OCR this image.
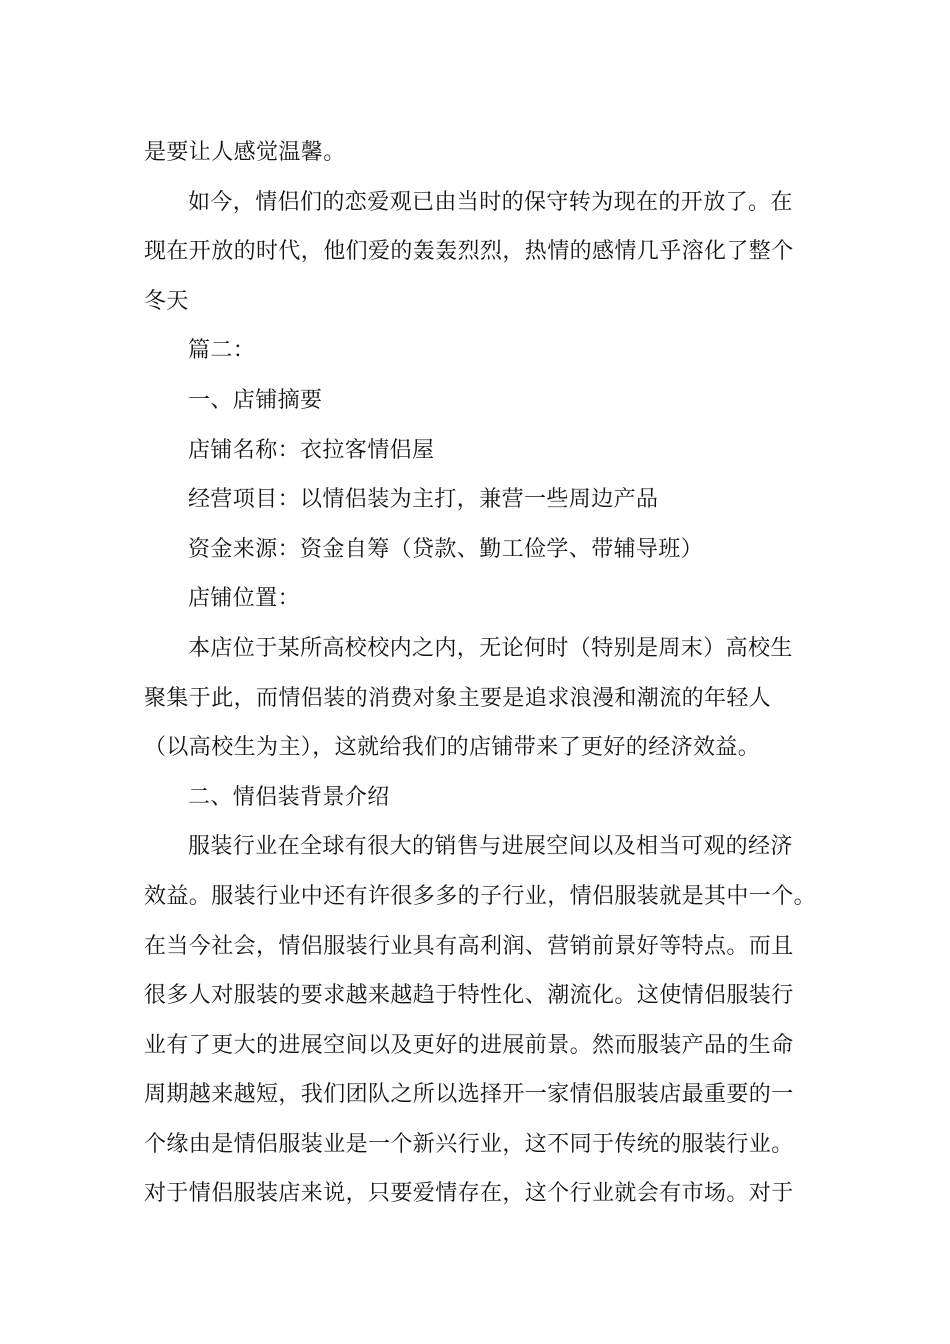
是要让人感觉温馨。
如今，情侣们的恋爱观已由当时的保守转为现在的开放了。在
现在开放的时代，他们爱的轰轰烈烈，热情的感情几乎溶化了整个
冬天
篇二：
一、店铺摘要
店铺名称：衣拉客情侣屋
经营项目：以情侣装为主打，兼营一些周边产品
资金来源：资金自筹（贷款、勤工俭学、带辅导班）
店铺位置：
本店位于某所高校校内之内，无论何时（特别是周末）高校生
聚集于此，而情侣装的消费对象主要是追求浪漫和潮流的年轻人
（以高校生为主），这就给我们的店铺带来了更好的经济效益。
二、情侣装背景介绍
服装行业在全球有很大的销售与进展空间以及相当可观的经济
效益。服装行业中还有许很多多的子行业，情侣服装就是其中一个。
在当今社会，情侣服装行业具有高利润、营销前景好等特点。而且
很多人对服装的要求越来越趋于特性化、潮流化。这使情侣服装行
业有了更大的进展空间以及更好的进展前景。然而服装产品的生命
周期越来越短，我们团队之所以选择开一家情侣服装店最重要的一
个缘由是情侣服装业是一个新兴行业，这不同于传统的服装行业。
对于情侣服装店来说，只要爱情存在，这个行业就会有市场。对于
